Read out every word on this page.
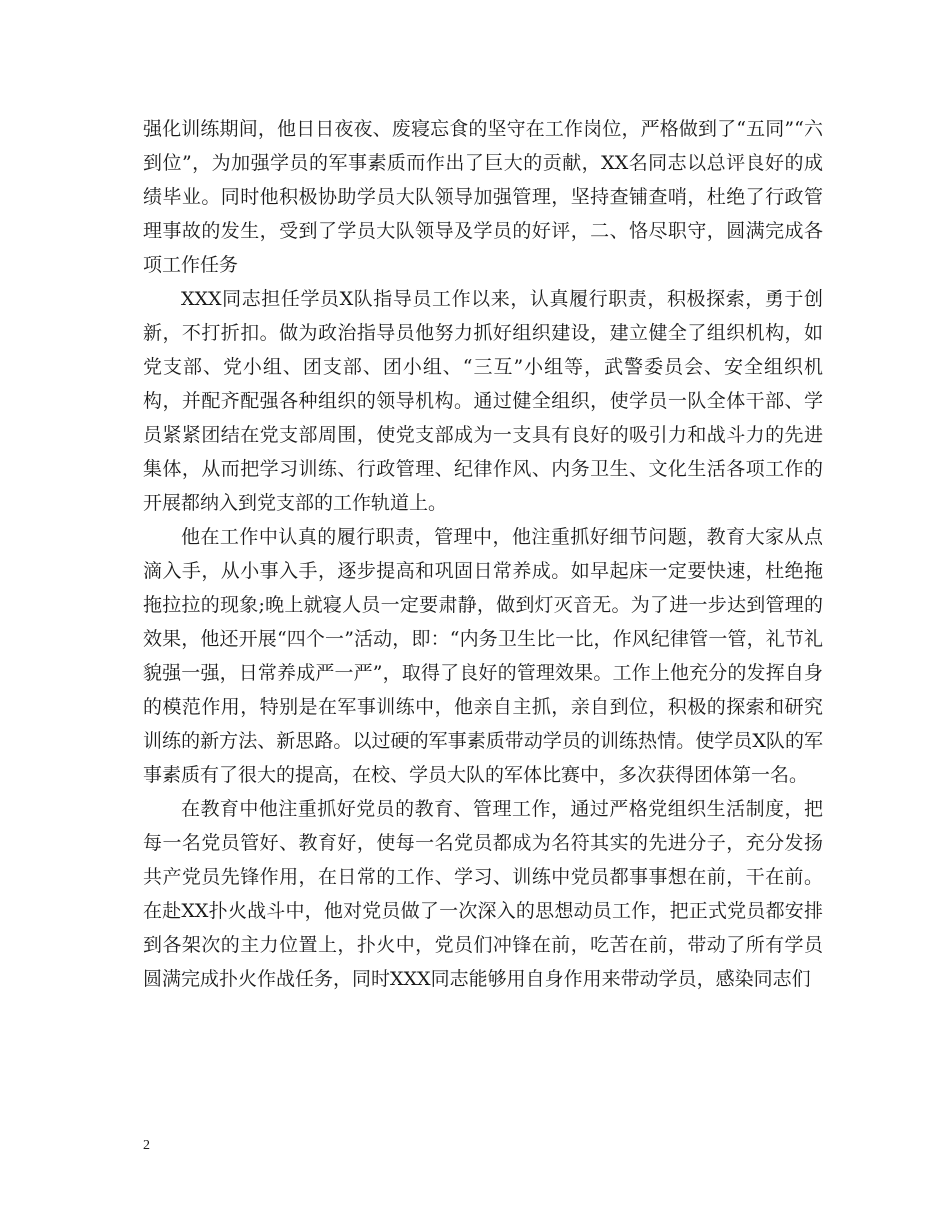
强化训练期间，他日日夜夜、废寝忘食的坚守在工作岗位，严格做到了“五同”“六到位”，为加强学员的军事素质而作出了巨大的贡献，XX名同志以总评良好的成绩毕业。同时他积极协助学员大队领导加强管理，坚持查铺查哨，杜绝了行政管理事故的发生，受到了学员大队领导及学员的好评，二、恪尽职守，圆满完成各项工作任务

XXX同志担任学员X队指导员工作以来，认真履行职责，积极探索，勇于创新，不打折扣。做为政治指导员他努力抓好组织建设，建立健全了组织机构，如党支部、党小组、团支部、团小组、“三互”小组等，武警委员会、安全组织机构，并配齐配强各种组织的领导机构。通过健全组织，使学员一队全体干部、学员紧紧团结在党支部周围，使党支部成为一支具有良好的吸引力和战斗力的先进集体，从而把学习训练、行政管理、纪律作风、内务卫生、文化生活各项工作的开展都纳入到党支部的工作轨道上。

他在工作中认真的履行职责，管理中，他注重抓好细节问题，教育大家从点滴入手，从小事入手，逐步提高和巩固日常养成。如早起床一定要快速，杜绝拖拖拉拉的现象;晚上就寝人员一定要肃静，做到灯灭音无。为了进一步达到管理的效果，他还开展“四个一”活动，即：“内务卫生比一比，作风纪律管一管，礼节礼貌强一强，日常养成严一严”，取得了良好的管理效果。工作上他充分的发挥自身的模范作用，特别是在军事训练中，他亲自主抓，亲自到位，积极的探索和研究训练的新方法、新思路。以过硬的军事素质带动学员的训练热情。使学员X队的军事素质有了很大的提高，在校、学员大队的军体比赛中，多次获得团体第一名。

在教育中他注重抓好党员的教育、管理工作，通过严格党组织生活制度，把每一名党员管好、教育好，使每一名党员都成为名符其实的先进分子，充分发扬共产党员先锋作用，在日常的工作、学习、训练中党员都事事想在前，干在前。在赴XX扑火战斗中，他对党员做了一次深入的思想动员工作，把正式党员都安排到各架次的主力位置上，扑火中，党员们冲锋在前，吃苦在前，带动了所有学员圆满完成扑火作战任务，同时XXX同志能够用自身作用来带动学员，感染同志们

2
